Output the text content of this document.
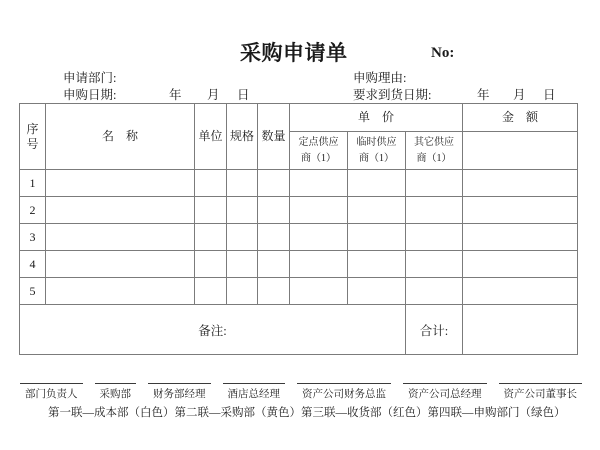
采购申请单	No:
申请部门:	申购理由:
申购日期:	年 月 日	要求到货日期:	年 月 日
序号	名　称	单位	规格	数量	单　价			金　额
					定点供应商（1）	临时供应商（1）	其它供应商（1）	
1								
2								
3								
4								
5								
备注:							合计:	
部门负责人	采购部	财务部经理	酒店总经理	资产公司财务总监	资产公司总经理	资产公司董事长
第一联—成本部（白色） 第二联—采购部（黄色） 第三联—收货部（红色） 第四联—申购部门（绿色）
